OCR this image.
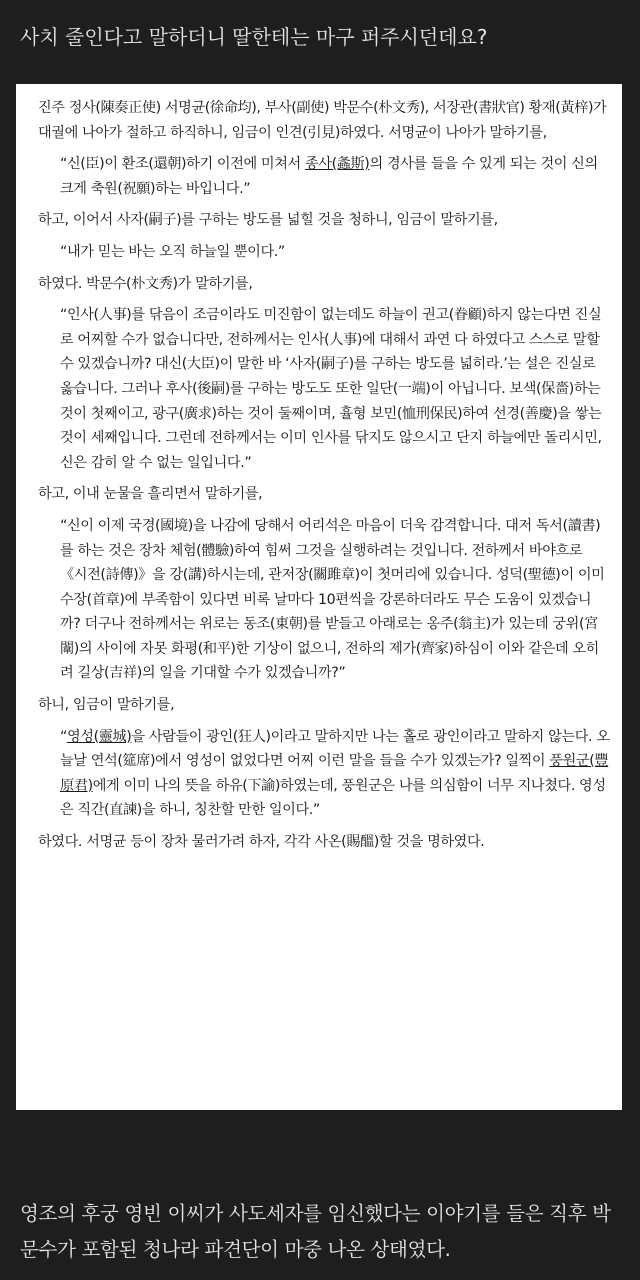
사치 줄인다고 말하더니 딸한테는 마구 퍼주시던데요?

진주 정사(陳奏正使) 서명균(徐命均), 부사(副使) 박문수(朴文秀), 서장관(書狀官) 황재(黃梓)가 대궐에 나아가 절하고 하직하니, 임금이 인견(引見)하였다. 서명균이 나아가 말하기를,

“신(臣)이 환조(還朝)하기 이전에 미쳐서 종사(螽斯)의 경사를 들을 수 있게 되는 것이 신의 크게 축원(祝願)하는 바입니다.”

하고, 이어서 사자(嗣子)를 구하는 방도를 넓힐 것을 청하니, 임금이 말하기를,

“내가 믿는 바는 오직 하늘일 뿐이다.”

하였다. 박문수(朴文秀)가 말하기를,

“인사(人事)를 닦음이 조금이라도 미진함이 없는데도 하늘이 권고(眷顧)하지 않는다면 진실로 어찌할 수가 없습니다만, 전하께서는 인사(人事)에 대해서 과연 다 하였다고 스스로 말할 수 있겠습니까? 대신(大臣)이 말한 바 ‘사자(嗣子)를 구하는 방도를 넓히라.’는 설은 진실로 옳습니다. 그러나 후사(後嗣)를 구하는 방도도 또한 일단(一端)이 아닙니다. 보색(保嗇)하는 것이 첫째이고, 광구(廣求)하는 것이 둘째이며, 휼형 보민(恤刑保民)하여 선경(善慶)을 쌓는 것이 세째입니다. 그런데 전하께서는 이미 인사를 닦지도 않으시고 단지 하늘에만 돌리시민, 신은 감히 알 수 없는 일입니다.”

하고, 이내 눈물을 흘리면서 말하기를,

“신이 이제 국경(國境)을 나감에 당해서 어리석은 마음이 더욱 감격합니다. 대저 독서(讀書)를 하는 것은 장차 체험(體驗)하여 힘써 그것을 실행하려는 것입니다. 전하께서 바야흐로 《시전(詩傳)》을 강(講)하시는데, 관저장(關雎章)이 첫머리에 있습니다. 성덕(聖德)이 이미 수장(首章)에 부족함이 있다면 비록 날마다 10편씩을 강론하더라도 무슨 도움이 있겠습니까? 더구나 전하께서는 위로는 동조(東朝)를 받들고 아래로는 옹주(翁主)가 있는데 궁위(宮闈)의 사이에 자못 화평(和平)한 기상이 없으니, 전하의 제가(齊家)하심이 이와 같은데 오히려 길상(吉祥)의 일을 기대할 수가 있겠습니까?”

하니, 임금이 말하기를,

“영성(靈城)을 사람들이 광인(狂人)이라고 말하지만 나는 홀로 광인이라고 말하지 않는다. 오늘날 연석(筵席)에서 영성이 없었다면 어찌 이런 말을 들을 수가 있겠는가? 일찍이 풍원군(豐原君)에게 이미 나의 뜻을 하유(下諭)하였는데, 풍원군은 나를 의심함이 너무 지나쳤다. 영성은 직간(直諫)을 하니, 칭찬할 만한 일이다.”

하였다. 서명균 등이 장차 물러가려 하자, 각각 사온(賜醞)할 것을 명하였다.

영조의 후궁 영빈 이씨가 사도세자를 임신했다는 이야기를 들은 직후 박문수가 포함된 청나라 파견단이 마중 나온 상태였다.
